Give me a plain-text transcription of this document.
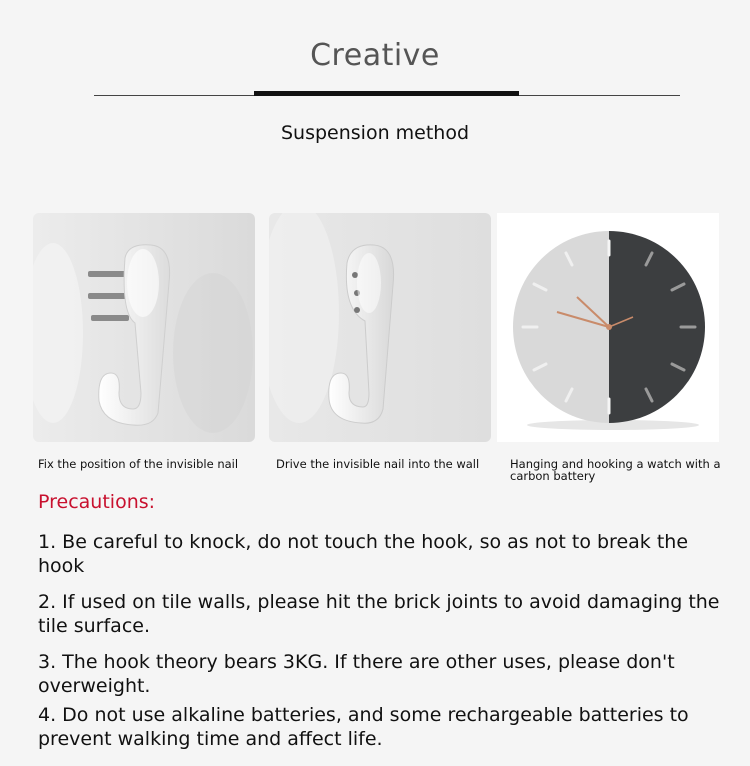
Creative
Suspension method
Fix the position of the invisible nail	Drive the invisible nail into the wall	Hanging and hooking a watch with a carbon battery
Precautions:
1. Be careful to knock, do not touch the hook, so as not to break the hook
2. If used on tile walls, please hit the brick joints to avoid damaging the tile surface.
3. The hook theory bears 3KG. If there are other uses, please don't overweight.
4. Do not use alkaline batteries, and some rechargeable batteries to prevent walking time and affect life.
